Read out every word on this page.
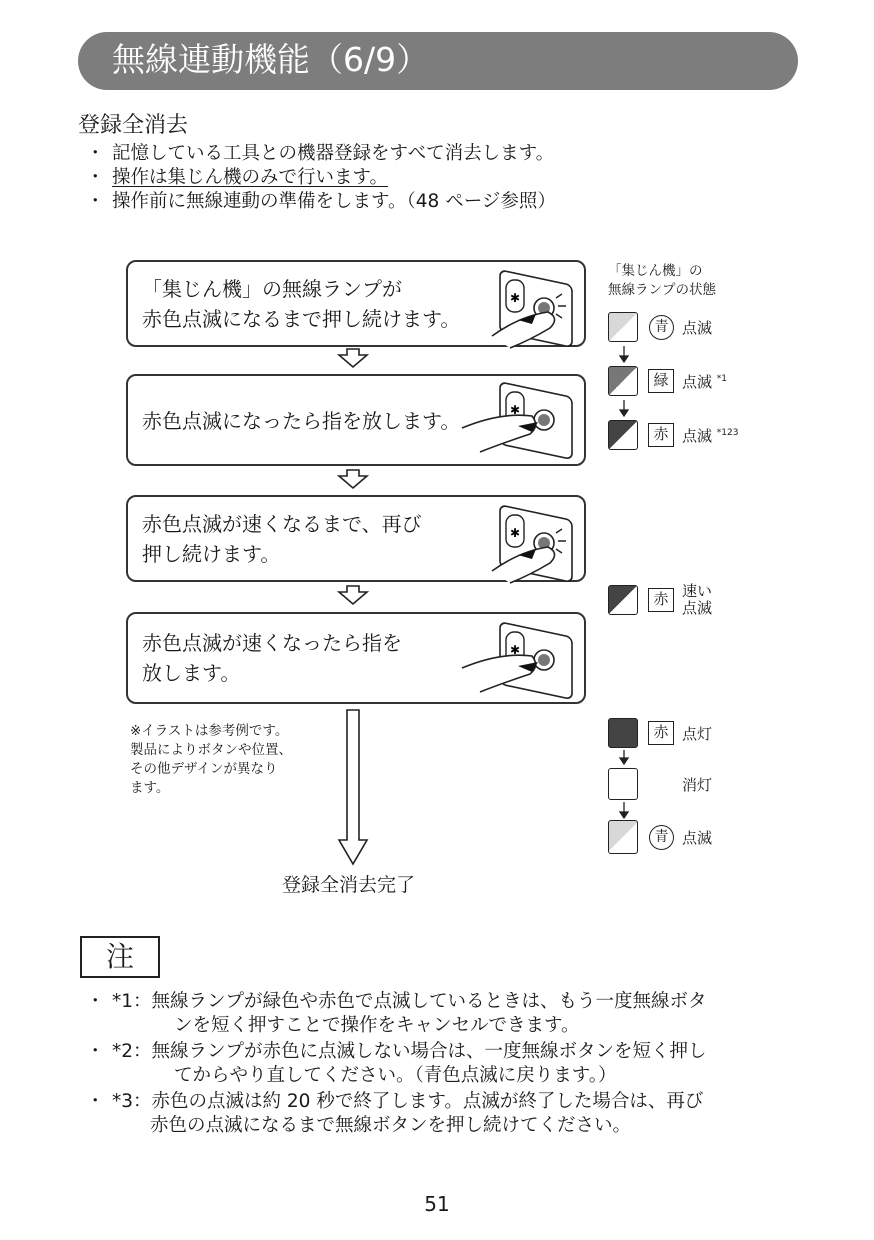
無線連動機能（6/9）
登録全消去
・ 記憶している工具との機器登録をすべて消去します。
・ 操作は集じん機のみで行います。
・ 操作前に無線連動の準備をします。（48 ページ参照）
「集じん機」の無線ランプが
赤色点滅になるまで押し続けます。
赤色点滅になったら指を放します。
赤色点滅が速くなるまで、再び
押し続けます。
赤色点滅が速くなったら指を
放します。
✱
「集じん機」の
無線ランプの状態
青 点滅
緑 点滅 $^{*1}$
赤 点滅 $^{*123}$
赤 速い
点滅
赤 点灯
消灯
青 点滅
※イラストは参考例です。
製品によりボタンや位置、
その他デザインが異なり
ます。
登録全消去完了
注
・ *1：無線ランプが緑色や赤色で点滅しているときは、もう一度無線ボタ
ンを短く押すことで操作をキャンセルできます。
・ *2：無線ランプが赤色に点滅しない場合は、一度無線ボタンを短く押し
てからやり直してください。（青色点滅に戻ります。）
・ *3：赤色の点滅は約 20 秒で終了します。点滅が終了した場合は、再び
赤色の点滅になるまで無線ボタンを押し続けてください。
51
